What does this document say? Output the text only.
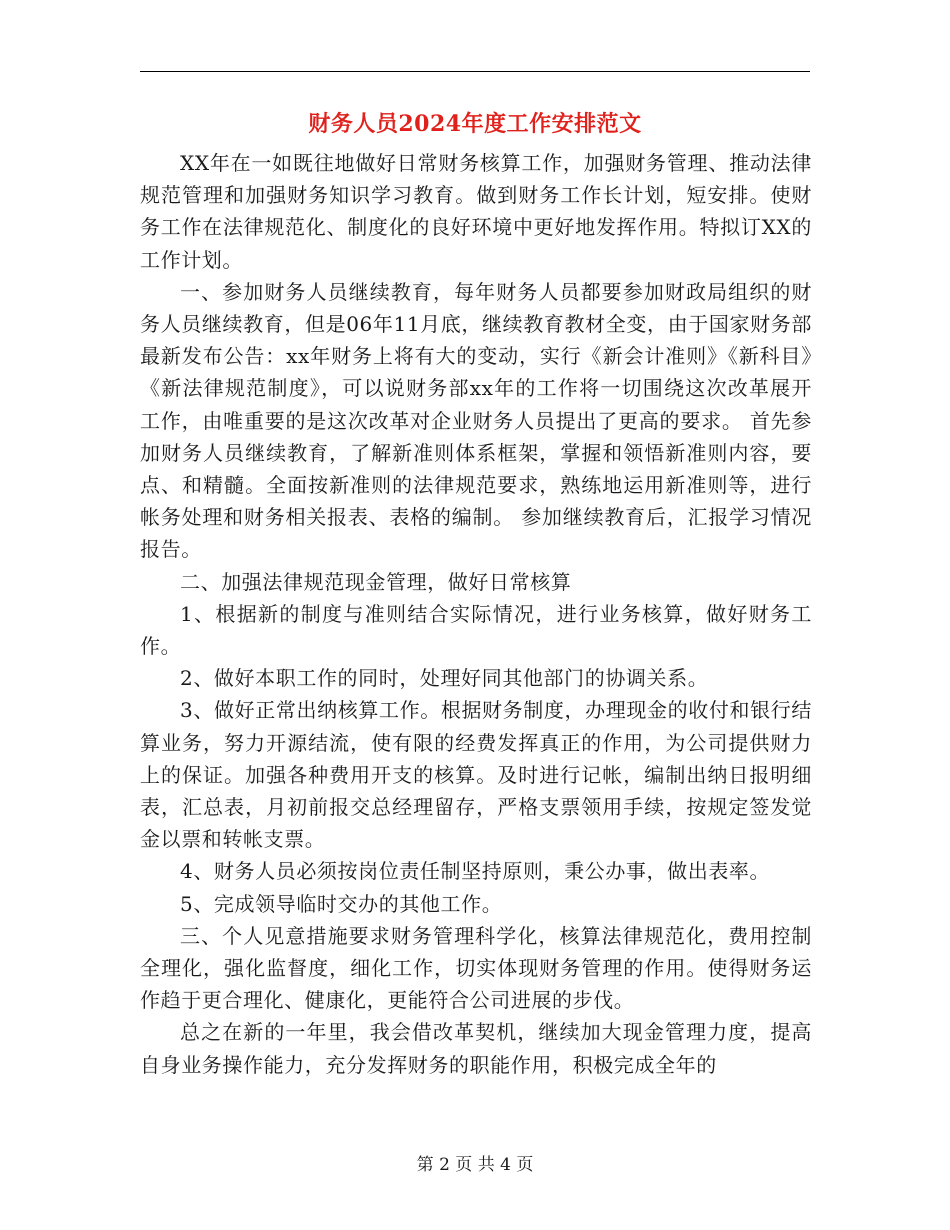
财务人员2024年度工作安排范文

XX年在一如既往地做好日常财务核算工作，加强财务管理、推动法律规范管理和加强财务知识学习教育。做到财务工作长计划，短安排。使财务工作在法律规范化、制度化的良好环境中更好地发挥作用。特拟订XX的工作计划。

一、参加财务人员继续教育，每年财务人员都要参加财政局组织的财务人员继续教育，但是06年11月底，继续教育教材全变，由于国家财务部最新发布公告：xx年财务上将有大的变动，实行《新会计准则》《新科目》《新法律规范制度》，可以说财务部xx年的工作将一切围绕这次改革展开工作，由唯重要的是这次改革对企业财务人员提出了更高的要求。 首先参加财务人员继续教育，了解新准则体系框架，掌握和领悟新准则内容，要点、和精髓。全面按新准则的法律规范要求，熟练地运用新准则等，进行帐务处理和财务相关报表、表格的编制。 参加继续教育后，汇报学习情况报告。

二、加强法律规范现金管理，做好日常核算

1、根据新的制度与准则结合实际情况，进行业务核算，做好财务工作。

2、做好本职工作的同时，处理好同其他部门的协调关系。

3、做好正常出纳核算工作。根据财务制度，办理现金的收付和银行结算业务，努力开源结流，使有限的经费发挥真正的作用，为公司提供财力上的保证。加强各种费用开支的核算。及时进行记帐，编制出纳日报明细表，汇总表，月初前报交总经理留存，严格支票领用手续，按规定签发觉金以票和转帐支票。

4、财务人员必须按岗位责任制坚持原则，秉公办事，做出表率。

5、完成领导临时交办的其他工作。

三、个人见意措施要求财务管理科学化，核算法律规范化，费用控制全理化，强化监督度，细化工作，切实体现财务管理的作用。使得财务运作趋于更合理化、健康化，更能符合公司进展的步伐。

总之在新的一年里，我会借改革契机，继续加大现金管理力度，提高自身业务操作能力，充分发挥财务的职能作用，积极完成全年的

第 2 页 共 4 页
